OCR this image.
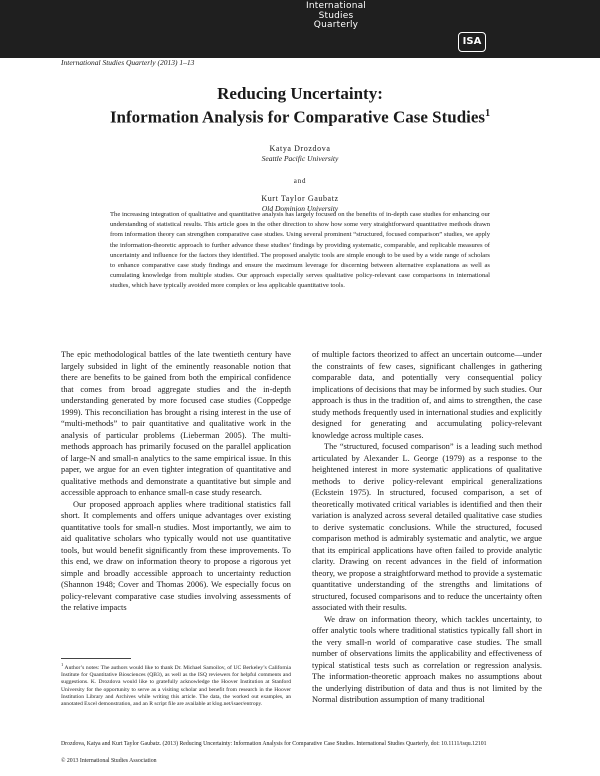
International
Studies
Quarterly
ISA
International Studies Quarterly (2013) 1–13
Reducing Uncertainty:
Information Analysis for Comparative Case Studies$^1$
Katya Drozdova
Seattle Pacific University
and
Kurt Taylor Gaubatz
Old Dominion University
The increasing integration of qualitative and quantitative analysis has largely focused on the benefits of in-depth case studies for enhancing our understanding of statistical results. This article goes in the other direction to show how some very straightforward quantitative methods drawn from information theory can strengthen comparative case studies. Using several prominent “structured, focused comparison” studies, we apply the information-theoretic approach to further advance these studies’ findings by providing systematic, comparable, and replicable measures of uncertainty and influence for the factors they identified. The proposed analytic tools are simple enough to be used by a wide range of scholars to enhance comparative case study findings and ensure the maximum leverage for discerning between alternative explanations as well as cumulating knowledge from multiple studies. Our approach especially serves qualitative policy-relevant case comparisons in international studies, which have typically avoided more complex or less applicable quantitative tools.

The epic methodological battles of the late twentieth century have largely subsided in light of the eminently reasonable notion that there are benefits to be gained from both the empirical confidence that comes from broad aggregate studies and the in-depth understanding generated by more focused case studies (Coppedge 1999). This reconciliation has brought a rising interest in the use of “multi-methods” to pair quantitative and qualitative work in the analysis of particular problems (Lieberman 2005). The multi-methods approach has primarily focused on the parallel application of large-N and small-n analytics to the same empirical issue. In this paper, we argue for an even tighter integration of quantitative and qualitative methods and demonstrate a quantitative but simple and accessible approach to enhance small-n case study research.

Our proposed approach applies where traditional statistics fall short. It complements and offers unique advantages over existing quantitative tools for small-n studies. Most importantly, we aim to aid qualitative scholars who typically would not use quantitative tools, but would benefit significantly from these improvements. To this end, we draw on information theory to propose a rigorous yet simple and broadly accessible approach to uncertainty reduction (Shannon 1948; Cover and Thomas 2006). We especially focus on policy-relevant comparative case studies involving assessments of the relative impacts

of multiple factors theorized to affect an uncertain outcome—under the constraints of few cases, significant challenges in gathering comparable data, and potentially very consequential policy implications of decisions that may be informed by such studies. Our approach is thus in the tradition of, and aims to strengthen, the case study methods frequently used in international studies and explicitly designed for generating and accumulating policy-relevant knowledge across multiple cases.

The “structured, focused comparison” is a leading such method articulated by Alexander L. George (1979) as a response to the heightened interest in more systematic applications of qualitative methods to derive policy-relevant empirical generalizations (Eckstein 1975). In structured, focused comparison, a set of theoretically motivated critical variables is identified and then their variation is analyzed across several detailed qualitative case studies to derive systematic conclusions. While the structured, focused comparison method is admirably systematic and analytic, we argue that its empirical applications have often failed to provide analytic clarity. Drawing on recent advances in the field of information theory, we propose a straightforward method to provide a systematic quantitative understanding of the strengths and limitations of structured, focused comparisons and to reduce the uncertainty often associated with their results.

We draw on information theory, which tackles uncertainty, to offer analytic tools where traditional statistics typically fall short in the very small-n world of comparative case studies. The small number of observations limits the applicability and effectiveness of typical statistical tests such as correlation or regression analysis. The information-theoretic approach makes no assumptions about the underlying distribution of data and thus is not limited by the Normal distribution assumption of many traditional

$^1$ Author’s notes: The authors would like to thank Dr. Michael Samoilov, of UC Berkeley’s California Institute for Quantitative Biosciences (QB3), as well as the ISQ reviewers for helpful comments and suggestions. K. Drozdova would like to gratefully acknowledge the Hoover Institution at Stanford University for the opportunity to serve as a visiting scholar and benefit from research in the Hoover Institution Library and Archives while writing this article. The data, the worked out examples, an annotated Excel demonstration, and an R script file are available at klog.net/isaer/entropy.
Drozdova, Katya and Kurt Taylor Gaubatz. (2013) Reducing Uncertainty: Information Analysis for Comparative Case Studies. International Studies Quarterly, doi: 10.1111/isqu.12101
© 2013 International Studies Association
